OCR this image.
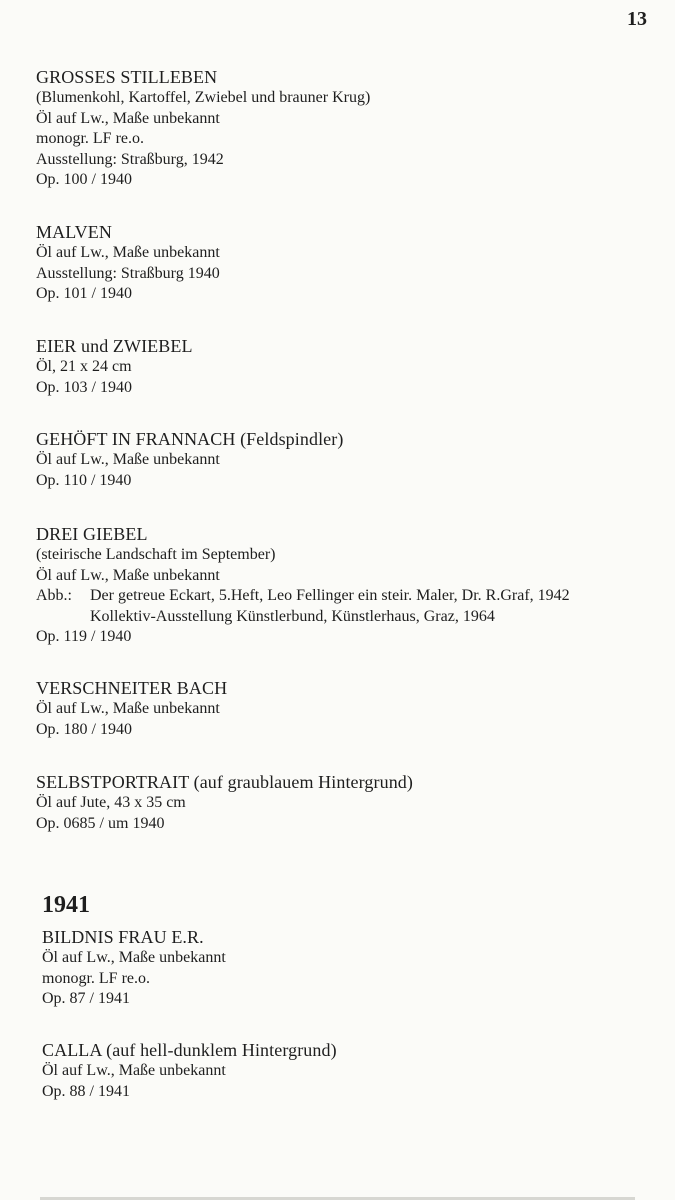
13
GROSSES STILLEBEN
(Blumenkohl, Kartoffel, Zwiebel und brauner Krug)
Öl auf Lw., Maße unbekannt
monogr. LF re.o.
Ausstellung: Straßburg, 1942
Op. 100 / 1940
MALVEN
Öl auf Lw., Maße unbekannt
Ausstellung: Straßburg 1940
Op. 101 / 1940
EIER und ZWIEBEL
Öl, 21 x 24 cm
Op. 103 / 1940
GEHÖFT IN FRANNACH (Feldspindler)
Öl auf Lw., Maße unbekannt
Op. 110 / 1940
DREI GIEBEL
(steirische Landschaft im September)
Öl auf Lw., Maße unbekannt
Abb.:	Der getreue Eckart, 5.Heft, Leo Fellinger ein steir. Maler, Dr. R.Graf, 1942
Kollektiv-Ausstellung Künstlerbund, Künstlerhaus, Graz, 1964
Op. 119 / 1940
VERSCHNEITER BACH
Öl auf Lw., Maße unbekannt
Op. 180 / 1940
SELBSTPORTRAIT (auf graublauem Hintergrund)
Öl auf Jute, 43 x 35 cm
Op. 0685 / um 1940
1941
BILDNIS FRAU E.R.
Öl auf Lw., Maße unbekannt
monogr. LF re.o.
Op. 87 / 1941
CALLA (auf hell-dunklem Hintergrund)
Öl auf Lw., Maße unbekannt
Op. 88 / 1941
